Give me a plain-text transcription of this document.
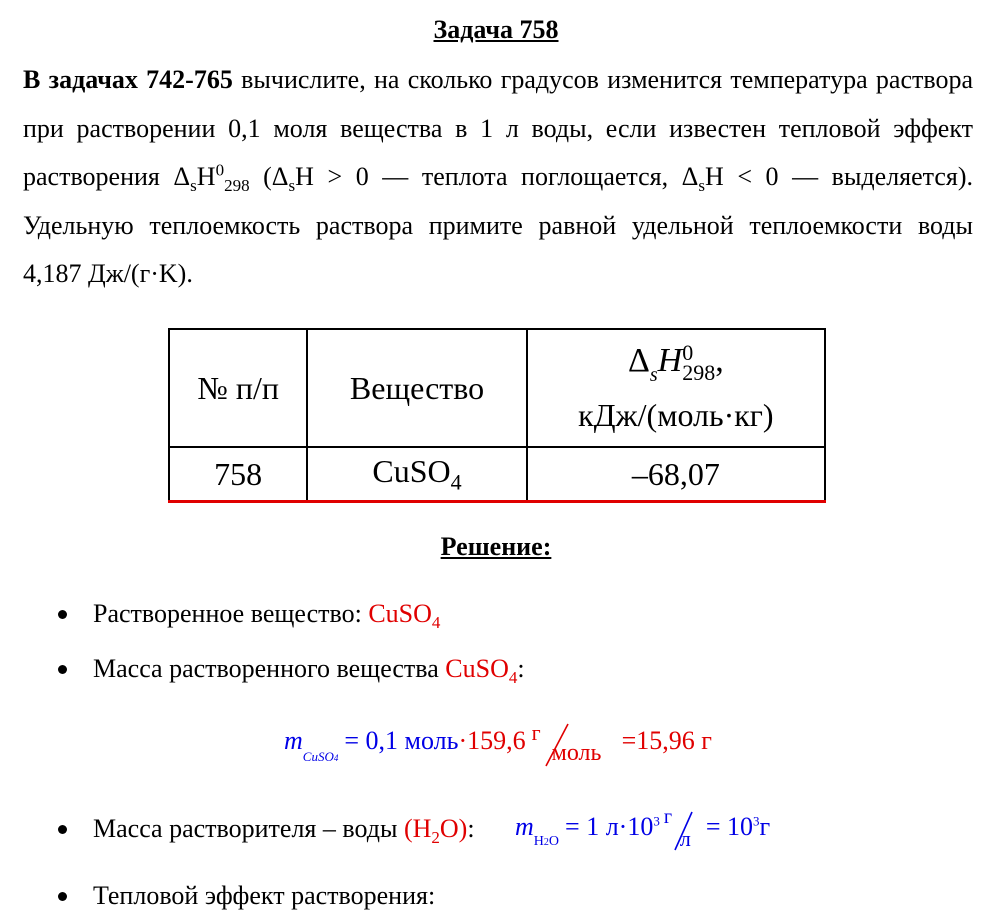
Задача 758
В задачах 742-765 вычислите, на сколько градусов изменится температура раствора при растворении 0,1 моля вещества в 1 л воды, если известен тепловой эффект растворения $\Delta_sH^0_{298}$ ($\Delta_sH > 0$ — теплота поглощается, $\Delta_sH < 0$ — выделяется). Удельную теплоемкость раствора примите равной удельной теплоемкости воды 4,187 Дж/(г·K).
№ п/п	Вещество	$\Delta_sH0$
298,
кДж/(моль·кг)

758	CuSO$_4$	–68,07
Решение:
Растворенное вещество: CuSO$_4$
Масса растворенного вещества CuSO$_4$:
$m_{CuSO4}= 0,1$ моль·159,6 г
моль =15,96 г
Масса растворителя – воды $(H_2O)$: $m_{H2O}= 1$ $л\cdot 10^3$ г
$л = 10^3г$
Тепловой эффект растворения:
